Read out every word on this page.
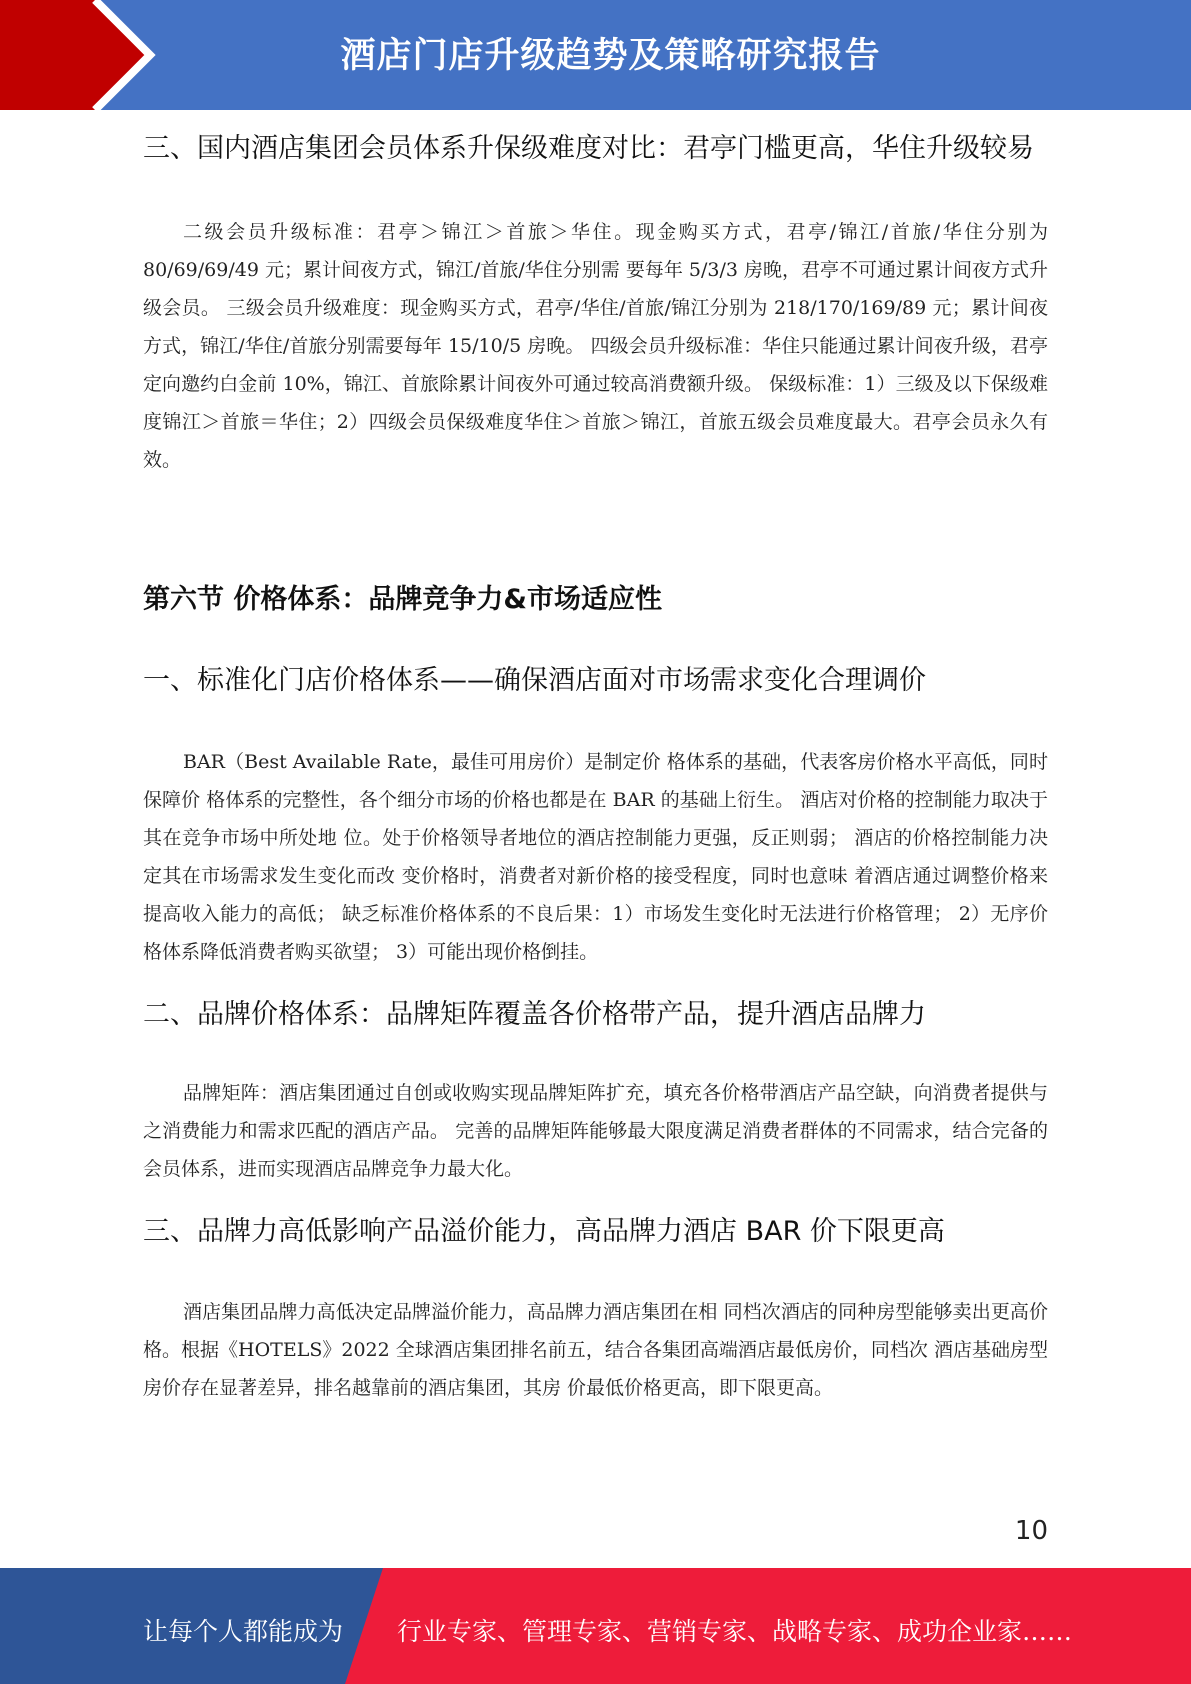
酒店门店升级趋势及策略研究报告
三、国内酒店集团会员体系升保级难度对比：君亭门槛更高，华住升级较易

二级会员升级标准：君亭＞锦江＞首旅＞华住。现金购买方式，君亭/锦江/首旅/华住分别为 80/69/69/49 元；累计间夜方式，锦江/首旅/华住分别需 要每年 5/3/3 房晚，君亭不可通过累计间夜方式升级会员。 三级会员升级难度：现金购买方式，君亭/华住/首旅/锦江分别为 218/170/169/89 元；累计间夜方式，锦江/华住/首旅分别需要每年 15/10/5 房晚。 四级会员升级标准：华住只能通过累计间夜升级，君亭定向邀约白金前 10%，锦江、首旅除累计间夜外可通过较高消费额升级。 保级标准：1）三级及以下保级难度锦江＞首旅＝华住；2）四级会员保级难度华住＞首旅＞锦江，首旅五级会员难度最大。君亭会员永久有效。

第六节 价格体系：品牌竞争力&市场适应性
一、标准化门店价格体系——确保酒店面对市场需求变化合理调价

BAR（Best Available Rate，最佳可用房价）是制定价 格体系的基础，代表客房价格水平高低，同时保障价 格体系的完整性，各个细分市场的价格也都是在 BAR 的基础上衍生。 酒店对价格的控制能力取决于其在竞争市场中所处地 位。处于价格领导者地位的酒店控制能力更强，反正则弱； 酒店的价格控制能力决定其在市场需求发生变化而改 变价格时，消费者对新价格的接受程度，同时也意味 着酒店通过调整价格来提高收入能力的高低； 缺乏标准价格体系的不良后果：1）市场发生变化时无法进行价格管理； 2）无序价格体系降低消费者购买欲望； 3）可能出现价格倒挂。

二、品牌价格体系：品牌矩阵覆盖各价格带产品，提升酒店品牌力

品牌矩阵：酒店集团通过自创或收购实现品牌矩阵扩充，填充各价格带酒店产品空缺，向消费者提供与之消费能力和需求匹配的酒店产品。 完善的品牌矩阵能够最大限度满足消费者群体的不同需求，结合完备的会员体系，进而实现酒店品牌竞争力最大化。

三、品牌力高低影响产品溢价能力，高品牌力酒店 BAR 价下限更高

酒店集团品牌力高低决定品牌溢价能力，高品牌力酒店集团在相 同档次酒店的同种房型能够卖出更高价格。根据《HOTELS》2022 全球酒店集团排名前五，结合各集团高端酒店最低房价，同档次 酒店基础房型房价存在显著差异，排名越靠前的酒店集团，其房 价最低价格更高，即下限更高。

10
让每个人都能成为 行业专家、管理专家、营销专家、战略专家、成功企业家……
